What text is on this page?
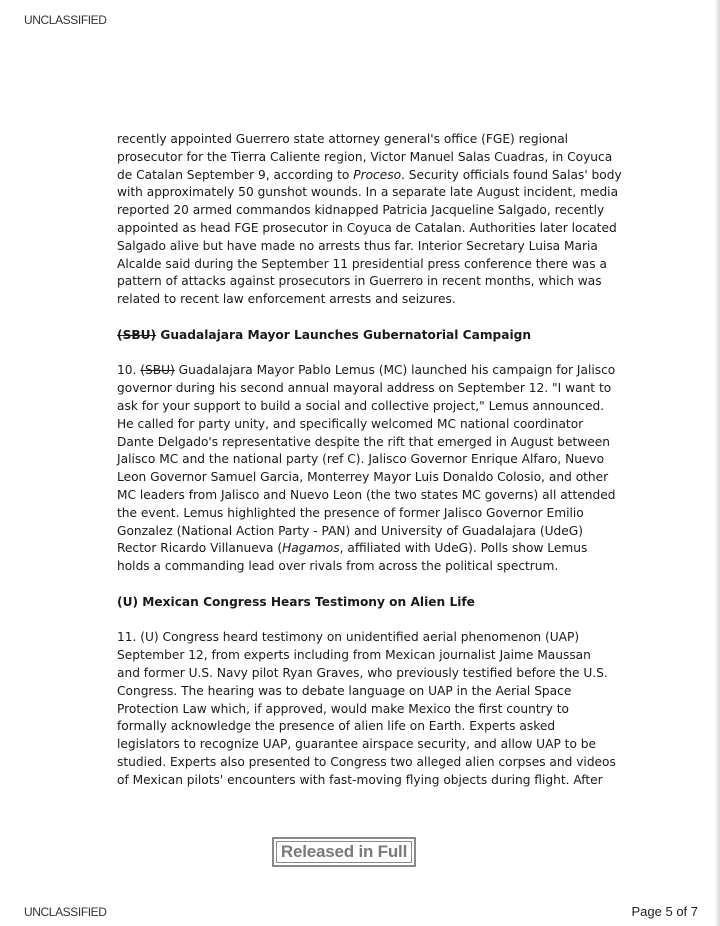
UNCLASSIFIED
recently appointed Guerrero state attorney general's office (FGE) regional
prosecutor for the Tierra Caliente region, Victor Manuel Salas Cuadras, in Coyuca
de Catalan September 9, according to Proceso. Security officials found Salas' body
with approximately 50 gunshot wounds. In a separate late August incident, media
reported 20 armed commandos kidnapped Patricia Jacqueline Salgado, recently
appointed as head FGE prosecutor in Coyuca de Catalan. Authorities later located
Salgado alive but have made no arrests thus far. Interior Secretary Luisa Maria
Alcalde said during the September 11 presidential press conference there was a
pattern of attacks against prosecutors in Guerrero in recent months, which was
related to recent law enforcement arrests and seizures.
(SBU) Guadalajara Mayor Launches Gubernatorial Campaign
10. (SBU) Guadalajara Mayor Pablo Lemus (MC) launched his campaign for Jalisco
governor during his second annual mayoral address on September 12. "I want to
ask for your support to build a social and collective project," Lemus announced.
He called for party unity, and specifically welcomed MC national coordinator
Dante Delgado's representative despite the rift that emerged in August between
Jalisco MC and the national party (ref C). Jalisco Governor Enrique Alfaro, Nuevo
Leon Governor Samuel Garcia, Monterrey Mayor Luis Donaldo Colosio, and other
MC leaders from Jalisco and Nuevo Leon (the two states MC governs) all attended
the event. Lemus highlighted the presence of former Jalisco Governor Emilio
Gonzalez (National Action Party - PAN) and University of Guadalajara (UdeG)
Rector Ricardo Villanueva (Hagamos, affiliated with UdeG). Polls show Lemus
holds a commanding lead over rivals from across the political spectrum.
(U) Mexican Congress Hears Testimony on Alien Life
11. (U) Congress heard testimony on unidentified aerial phenomenon (UAP)
September 12, from experts including from Mexican journalist Jaime Maussan
and former U.S. Navy pilot Ryan Graves, who previously testified before the U.S.
Congress. The hearing was to debate language on UAP in the Aerial Space
Protection Law which, if approved, would make Mexico the first country to
formally acknowledge the presence of alien life on Earth. Experts asked
legislators to recognize UAP, guarantee airspace security, and allow UAP to be
studied. Experts also presented to Congress two alleged alien corpses and videos
of Mexican pilots' encounters with fast-moving flying objects during flight. After
Released in Full
UNCLASSIFIED	Page 5 of 7
